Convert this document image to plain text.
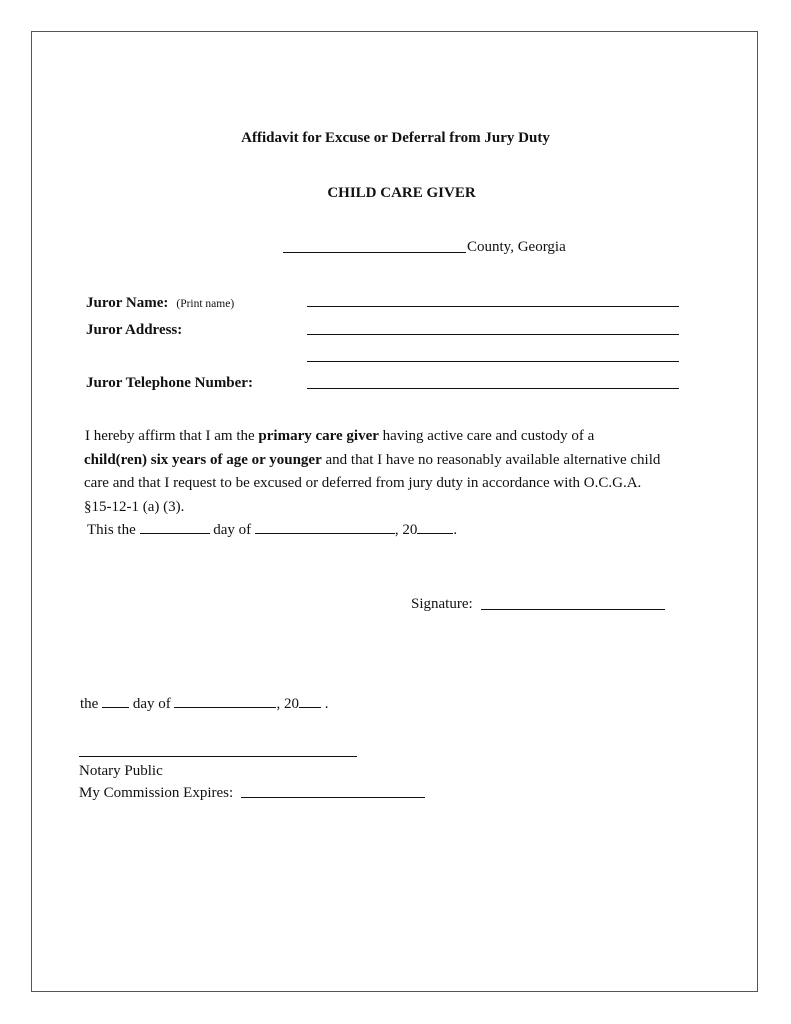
Affidavit for Excuse or Deferral from Jury Duty
CHILD CARE GIVER
County, Georgia
Juror Name: (Print name)
Juror Address:
Juror Telephone Number:
I hereby affirm that I am the primary care giver having active care and custody of a
child(ren) six years of age or younger and that I have no reasonably available alternative child
care and that I request to be excused or deferred from jury duty in accordance with O.C.G.A.
§15-12-1 (a) (3).
This the	day of	, 20 .
Signature:
the day of	, 20 .
Notary Public
My Commission Expires:
